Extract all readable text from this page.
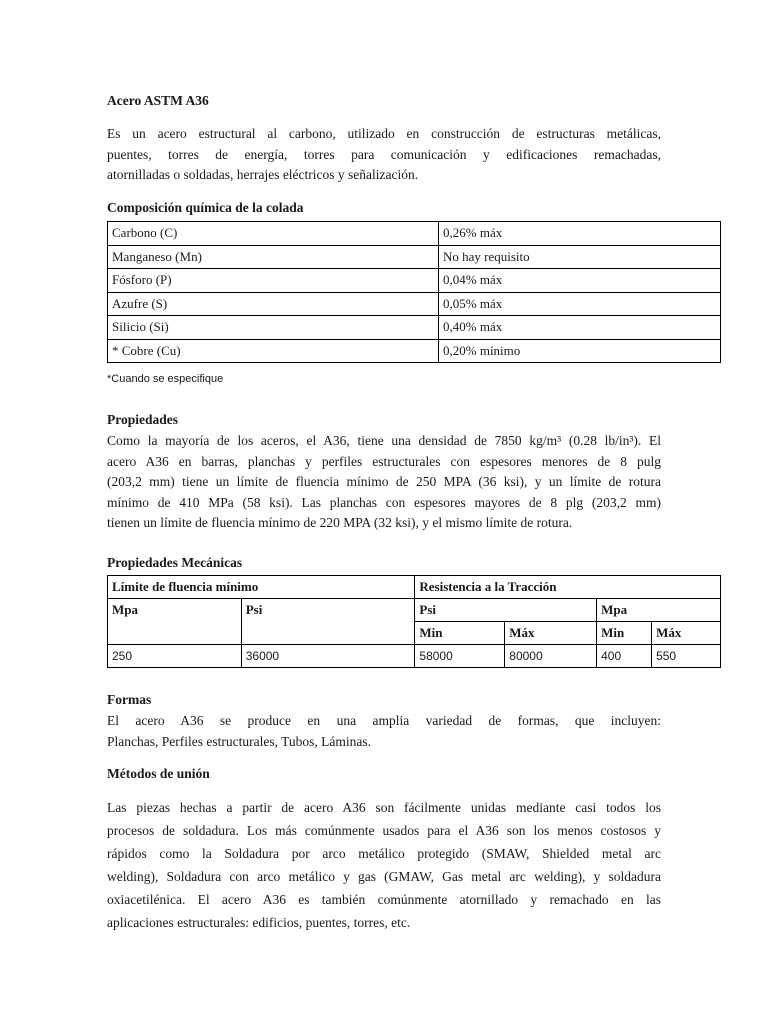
Acero ASTM A36
Es un acero estructural al carbono, utilizado en construcción de estructuras metálicas,
puentes, torres de energía, torres para comunicación y edificaciones remachadas,
atornilladas o soldadas, herrajes eléctricos y señalización.
Composición química de la colada
Carbono (C)	0,26% máx
Manganeso (Mn)	No hay requisito
Fósforo (P)	0,04% máx
Azufre (S)	0,05% máx
Silicio (Si)	0,40% máx
* Cobre (Cu)	0,20% mínimo
*Cuando se especifique
Propiedades
Como la mayoría de los aceros, el A36, tiene una densidad de 7850 kg/m³ (0.28 lb/in³). El
acero A36 en barras, planchas y perfiles estructurales con espesores menores de 8 pulg
(203,2 mm) tiene un límite de fluencia mínimo de 250 MPA (36 ksi), y un límite de rotura
mínimo de 410 MPa (58 ksi). Las planchas con espesores mayores de 8 plg (203,2 mm)
tienen un límite de fluencia mínimo de 220 MPA (32 ksi), y el mismo límite de rotura.
Propiedades Mecánicas
Límite de fluencia mínimo		Resistencia a la Tracción			
Mpa	Psi	Psi		Mpa	
		Min	Máx	Min	Máx
250	36000	58000	80000	400	550
Formas
El acero A36 se produce en una amplia variedad de formas, que incluyen:
Planchas, Perfiles estructurales, Tubos, Láminas.
Métodos de unión
Las piezas hechas a partir de acero A36 son fácilmente unidas mediante casi todos los
procesos de soldadura. Los más comúnmente usados para el A36 son los menos costosos y
rápidos como la Soldadura por arco metálico protegido (SMAW, Shielded metal arc
welding), Soldadura con arco metálico y gas (GMAW, Gas metal arc welding), y soldadura
oxiacetilénica. El acero A36 es también comúnmente atornillado y remachado en las
aplicaciones estructurales: edificios, puentes, torres, etc.
